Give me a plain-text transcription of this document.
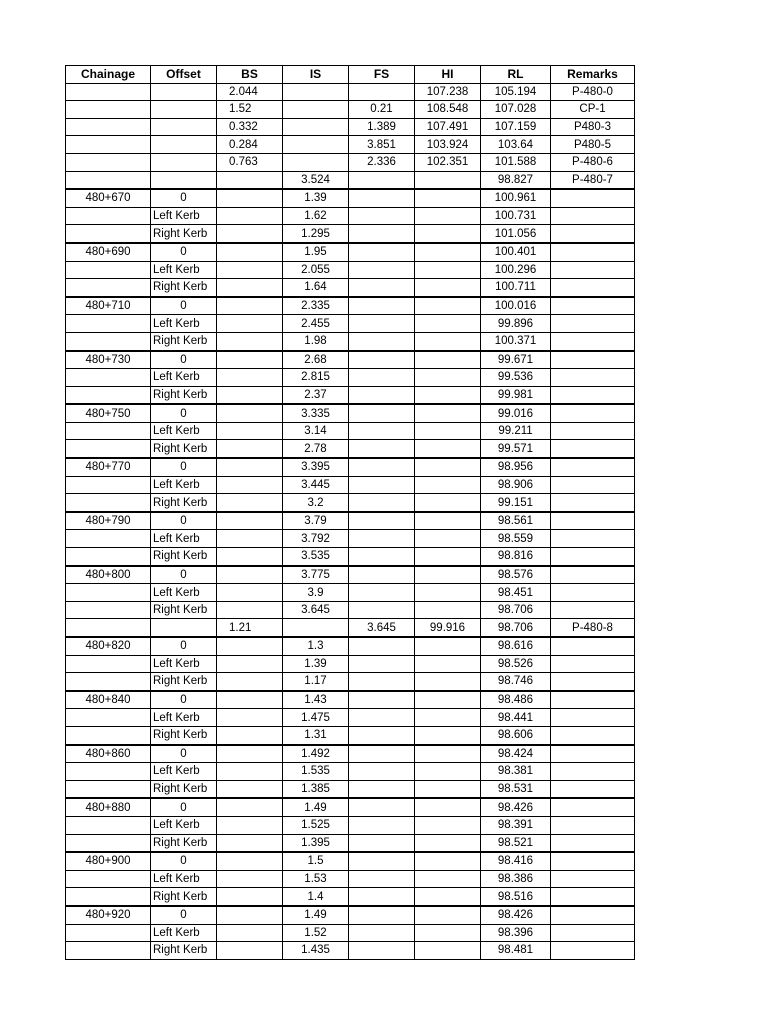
Chainage	Offset	BS	IS	FS	HI	RL	Remarks
		2.044			107.238	105.194	P-480-0
		1.52		0.21	108.548	107.028	CP-1
		0.332		1.389	107.491	107.159	P480-3
		0.284		3.851	103.924	103.64	P480-5
		0.763		2.336	102.351	101.588	P-480-6
			3.524			98.827	P-480-7
480+670	0		1.39			100.961	
	Left Kerb		1.62			100.731	
	Right Kerb		1.295			101.056	
480+690	0		1.95			100.401	
	Left Kerb		2.055			100.296	
	Right Kerb		1.64			100.711	
480+710	0		2.335			100.016	
	Left Kerb		2.455			99.896	
	Right Kerb		1.98			100.371	
480+730	0		2.68			99.671	
	Left Kerb		2.815			99.536	
	Right Kerb		2.37			99.981	
480+750	0		3.335			99.016	
	Left Kerb		3.14			99.211	
	Right Kerb		2.78			99.571	
480+770	0		3.395			98.956	
	Left Kerb		3.445			98.906	
	Right Kerb		3.2			99.151	
480+790	0		3.79			98.561	
	Left Kerb		3.792			98.559	
	Right Kerb		3.535			98.816	
480+800	0		3.775			98.576	
	Left Kerb		3.9			98.451	
	Right Kerb		3.645			98.706	
		1.21		3.645	99.916	98.706	P-480-8
480+820	0		1.3			98.616	
	Left Kerb		1.39			98.526	
	Right Kerb		1.17			98.746	
480+840	0		1.43			98.486	
	Left Kerb		1.475			98.441	
	Right Kerb		1.31			98.606	
480+860	0		1.492			98.424	
	Left Kerb		1.535			98.381	
	Right Kerb		1.385			98.531	
480+880	0		1.49			98.426	
	Left Kerb		1.525			98.391	
	Right Kerb		1.395			98.521	
480+900	0		1.5			98.416	
	Left Kerb		1.53			98.386	
	Right Kerb		1.4			98.516	
480+920	0		1.49			98.426	
	Left Kerb		1.52			98.396	
	Right Kerb		1.435			98.481	
